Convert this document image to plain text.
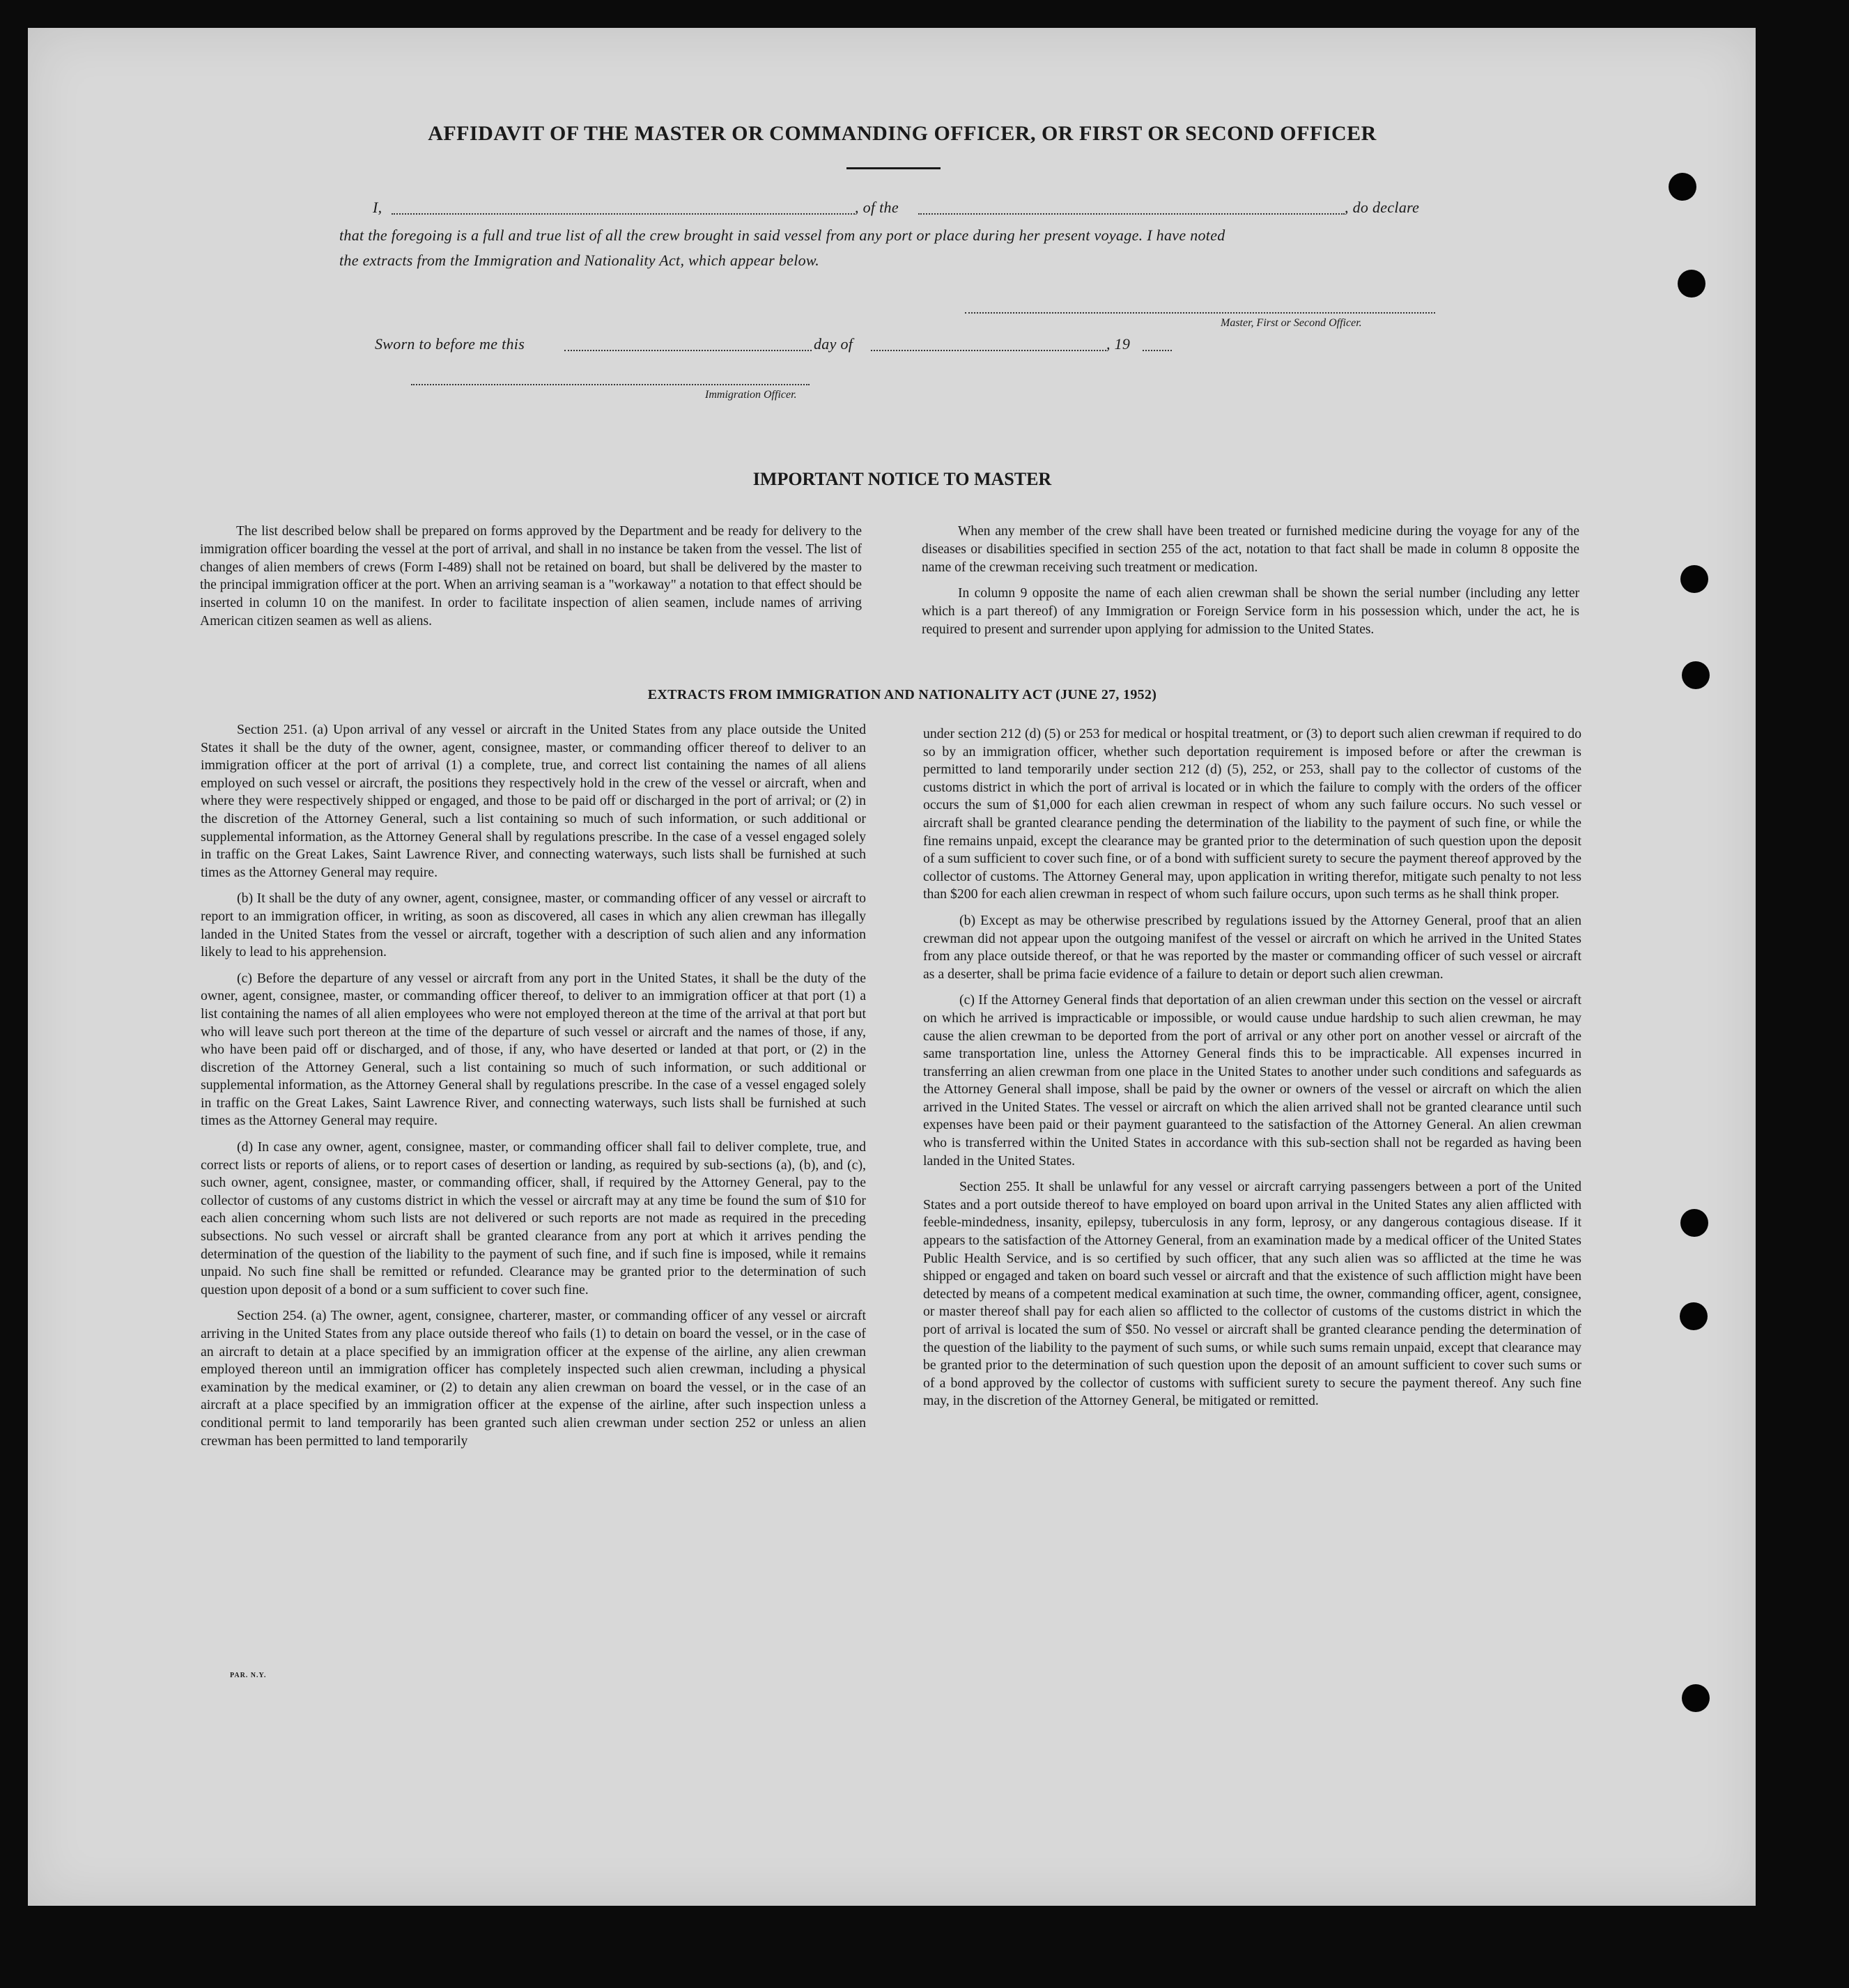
AFFIDAVIT OF THE MASTER OR COMMANDING OFFICER, OR FIRST OR SECOND OFFICER
I,	, of the	, do declare
that the foregoing is a full and true list of all the crew brought in said vessel from any port or place during her present voyage. I have noted
the extracts from the Immigration and Nationality Act, which appear below.
Master, First or Second Officer.
Sworn to before me this	day of	, 19
Immigration Officer.
IMPORTANT NOTICE TO MASTER

The list described below shall be prepared on forms approved by the Department and be ready for delivery to the immigration officer boarding the vessel at the port of arrival, and shall in no instance be taken from the vessel. The list of changes of alien members of crews (Form I-489) shall not be retained on board, but shall be delivered by the master to the principal immigration officer at the port. When an arriving seaman is a "workaway" a notation to that effect should be inserted in column 10 on the manifest. In order to facilitate inspection of alien seamen, include names of arriving American citizen seamen as well as aliens.

When any member of the crew shall have been treated or furnished medicine during the voyage for any of the diseases or disabilities specified in section 255 of the act, notation to that fact shall be made in column 8 opposite the name of the crewman receiving such treatment or medication.

In column 9 opposite the name of each alien crewman shall be shown the serial number (including any letter which is a part thereof) of any Immigration or Foreign Service form in his possession which, under the act, he is required to present and surrender upon applying for admission to the United States.

EXTRACTS FROM IMMIGRATION AND NATIONALITY ACT (JUNE 27, 1952)

Section 251. (a) Upon arrival of any vessel or aircraft in the United States from any place outside the United States it shall be the duty of the owner, agent, consignee, master, or commanding officer thereof to deliver to an immigration officer at the port of arrival (1) a complete, true, and correct list containing the names of all aliens employed on such vessel or aircraft, the positions they respectively hold in the crew of the vessel or aircraft, when and where they were respectively shipped or engaged, and those to be paid off or discharged in the port of arrival; or (2) in the discretion of the Attorney General, such a list containing so much of such information, or such additional or supplemental information, as the Attorney General shall by regulations prescribe. In the case of a vessel engaged solely in traffic on the Great Lakes, Saint Lawrence River, and connecting waterways, such lists shall be furnished at such times as the Attorney General may require.

(b) It shall be the duty of any owner, agent, consignee, master, or commanding officer of any vessel or aircraft to report to an immigration officer, in writing, as soon as discovered, all cases in which any alien crewman has illegally landed in the United States from the vessel or aircraft, together with a description of such alien and any information likely to lead to his apprehension.

(c) Before the departure of any vessel or aircraft from any port in the United States, it shall be the duty of the owner, agent, consignee, master, or commanding officer thereof, to deliver to an immigration officer at that port (1) a list containing the names of all alien employees who were not employed thereon at the time of the arrival at that port but who will leave such port thereon at the time of the departure of such vessel or aircraft and the names of those, if any, who have been paid off or discharged, and of those, if any, who have deserted or landed at that port, or (2) in the discretion of the Attorney General, such a list containing so much of such information, or such additional or supplemental information, as the Attorney General shall by regulations prescribe. In the case of a vessel engaged solely in traffic on the Great Lakes, Saint Lawrence River, and connecting waterways, such lists shall be furnished at such times as the Attorney General may require.

(d) In case any owner, agent, consignee, master, or commanding officer shall fail to deliver complete, true, and correct lists or reports of aliens, or to report cases of desertion or landing, as required by sub-sections (a), (b), and (c), such owner, agent, consignee, master, or commanding officer, shall, if required by the Attorney General, pay to the collector of customs of any customs district in which the vessel or aircraft may at any time be found the sum of $10 for each alien concerning whom such lists are not delivered or such reports are not made as required in the preceding subsections. No such vessel or aircraft shall be granted clearance from any port at which it arrives pending the determination of the question of the liability to the payment of such fine, and if such fine is imposed, while it remains unpaid. No such fine shall be remitted or refunded. Clearance may be granted prior to the determination of such question upon deposit of a bond or a sum sufficient to cover such fine.

Section 254. (a) The owner, agent, consignee, charterer, master, or commanding officer of any vessel or aircraft arriving in the United States from any place outside thereof who fails (1) to detain on board the vessel, or in the case of an aircraft to detain at a place specified by an immigration officer at the expense of the airline, any alien crewman employed thereon until an immigration officer has completely inspected such alien crewman, including a physical examination by the medical examiner, or (2) to detain any alien crewman on board the vessel, or in the case of an aircraft at a place specified by an immigration officer at the expense of the airline, after such inspection unless a conditional permit to land temporarily has been granted such alien crewman under section 252 or unless an alien crewman has been permitted to land temporarily

under section 212 (d) (5) or 253 for medical or hospital treatment, or (3) to deport such alien crewman if required to do so by an immigration officer, whether such deportation requirement is imposed before or after the crewman is permitted to land temporarily under section 212 (d) (5), 252, or 253, shall pay to the collector of customs of the customs district in which the port of arrival is located or in which the failure to comply with the orders of the officer occurs the sum of $1,000 for each alien crewman in respect of whom any such failure occurs. No such vessel or aircraft shall be granted clearance pending the determination of the liability to the payment of such fine, or while the fine remains unpaid, except the clearance may be granted prior to the determination of such question upon the deposit of a sum sufficient to cover such fine, or of a bond with sufficient surety to secure the payment thereof approved by the collector of customs. The Attorney General may, upon application in writing therefor, mitigate such penalty to not less than $200 for each alien crewman in respect of whom such failure occurs, upon such terms as he shall think proper.

(b) Except as may be otherwise prescribed by regulations issued by the Attorney General, proof that an alien crewman did not appear upon the outgoing manifest of the vessel or aircraft on which he arrived in the United States from any place outside thereof, or that he was reported by the master or commanding officer of such vessel or aircraft as a deserter, shall be prima facie evidence of a failure to detain or deport such alien crewman.

(c) If the Attorney General finds that deportation of an alien crewman under this section on the vessel or aircraft on which he arrived is impracticable or impossible, or would cause undue hardship to such alien crewman, he may cause the alien crewman to be deported from the port of arrival or any other port on another vessel or aircraft of the same transportation line, unless the Attorney General finds this to be impracticable. All expenses incurred in transferring an alien crewman from one place in the United States to another under such conditions and safeguards as the Attorney General shall impose, shall be paid by the owner or owners of the vessel or aircraft on which the alien arrived in the United States. The vessel or aircraft on which the alien arrived shall not be granted clearance until such expenses have been paid or their payment guaranteed to the satisfaction of the Attorney General. An alien crewman who is transferred within the United States in accordance with this sub-section shall not be regarded as having been landed in the United States.

Section 255. It shall be unlawful for any vessel or aircraft carrying passengers between a port of the United States and a port outside thereof to have employed on board upon arrival in the United States any alien afflicted with feeble-mindedness, insanity, epilepsy, tuberculosis in any form, leprosy, or any dangerous contagious disease. If it appears to the satisfaction of the Attorney General, from an examination made by a medical officer of the United States Public Health Service, and is so certified by such officer, that any such alien was so afflicted at the time he was shipped or engaged and taken on board such vessel or aircraft and that the existence of such affliction might have been detected by means of a competent medical examination at such time, the owner, commanding officer, agent, consignee, or master thereof shall pay for each alien so afflicted to the collector of customs of the customs district in which the port of arrival is located the sum of $50. No vessel or aircraft shall be granted clearance pending the determination of the question of the liability to the payment of such sums, or while such sums remain unpaid, except that clearance may be granted prior to the determination of such question upon the deposit of an amount sufficient to cover such sums or of a bond approved by the collector of customs with sufficient surety to secure the payment thereof. Any such fine may, in the discretion of the Attorney General, be mitigated or remitted.

PAR. N.Y.
